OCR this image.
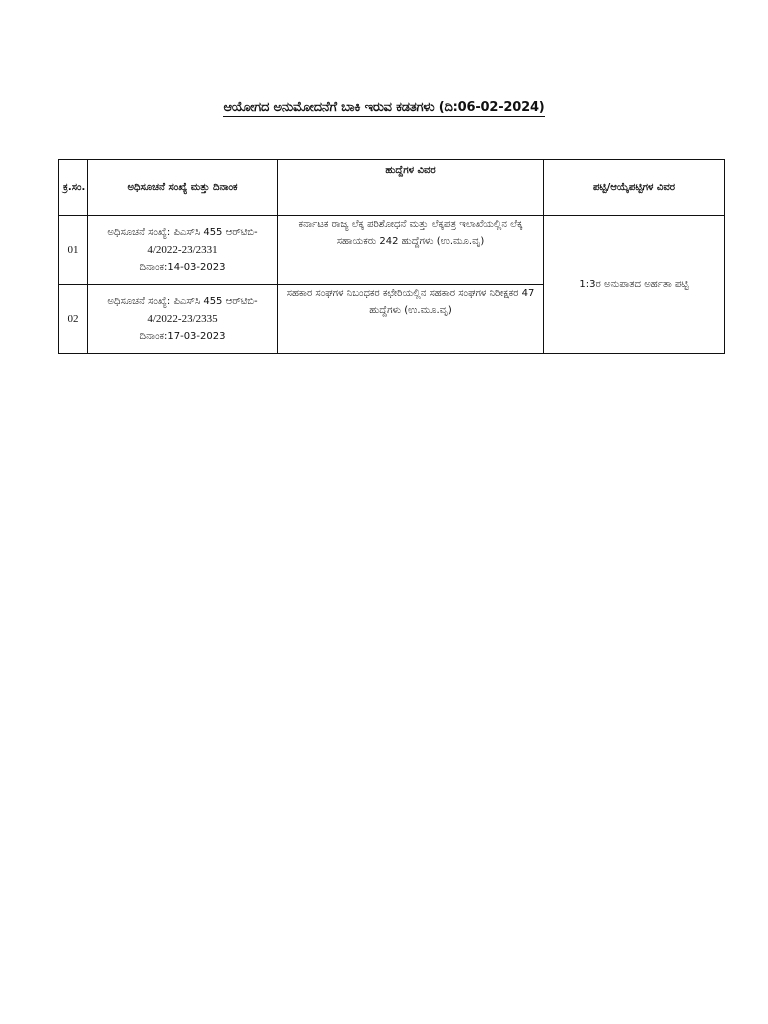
ಆಯೋಗದ ಅನುಮೋದನೆಗೆ ಬಾಕಿ ಇರುವ ಕಡತಗಳು (ದಿ:06-02-2024)
ಕ್ರ.ಸಂ.	ಅಧಿಸೂಚನೆ ಸಂಖ್ಯೆ ಮತ್ತು ದಿನಾಂಕ	ಹುದ್ದೆಗಳ ವಿವರ	ಪಟ್ಟಿ/ಆಯ್ಕೆಪಟ್ಟಿಗಳ ವಿವರ
01	ಅಧಿಸೂಚನೆ ಸಂಖ್ಯೆ: ಪಿಎಸ್‌ಸಿ 455 ಆರ್‌ಟಿಬಿ-
4/2022-23/2331
ದಿನಾಂಕ:14-03-2023	ಕರ್ನಾಟಕ ರಾಜ್ಯ ಲೆಕ್ಕ ಪರಿಶೋಧನೆ ಮತ್ತು ಲೆಕ್ಕಪತ್ರ ಇಲಾಖೆಯಲ್ಲಿನ ಲೆಕ್ಕ ಸಹಾಯಕರು 242 ಹುದ್ದೆಗಳು (ಉ.ಮೂ.ವೃ)	1:3ರ ಅನುಪಾತದ ಅರ್ಹತಾ ಪಟ್ಟಿ
02	ಅಧಿಸೂಚನೆ ಸಂಖ್ಯೆ: ಪಿಎಸ್‌ಸಿ 455 ಆರ್‌ಟಿಬಿ-
4/2022-23/2335
ದಿನಾಂಕ:17-03-2023	ಸಹಕಾರ ಸಂಘಗಳ ನಿಬಂಧಕರ ಕಛೇರಿಯಲ್ಲಿನ ಸಹಕಾರ ಸಂಘಗಳ ನಿರೀಕ್ಷಕರ 47 ಹುದ್ದೆಗಳು (ಉ.ಮೂ.ವೃ)	
